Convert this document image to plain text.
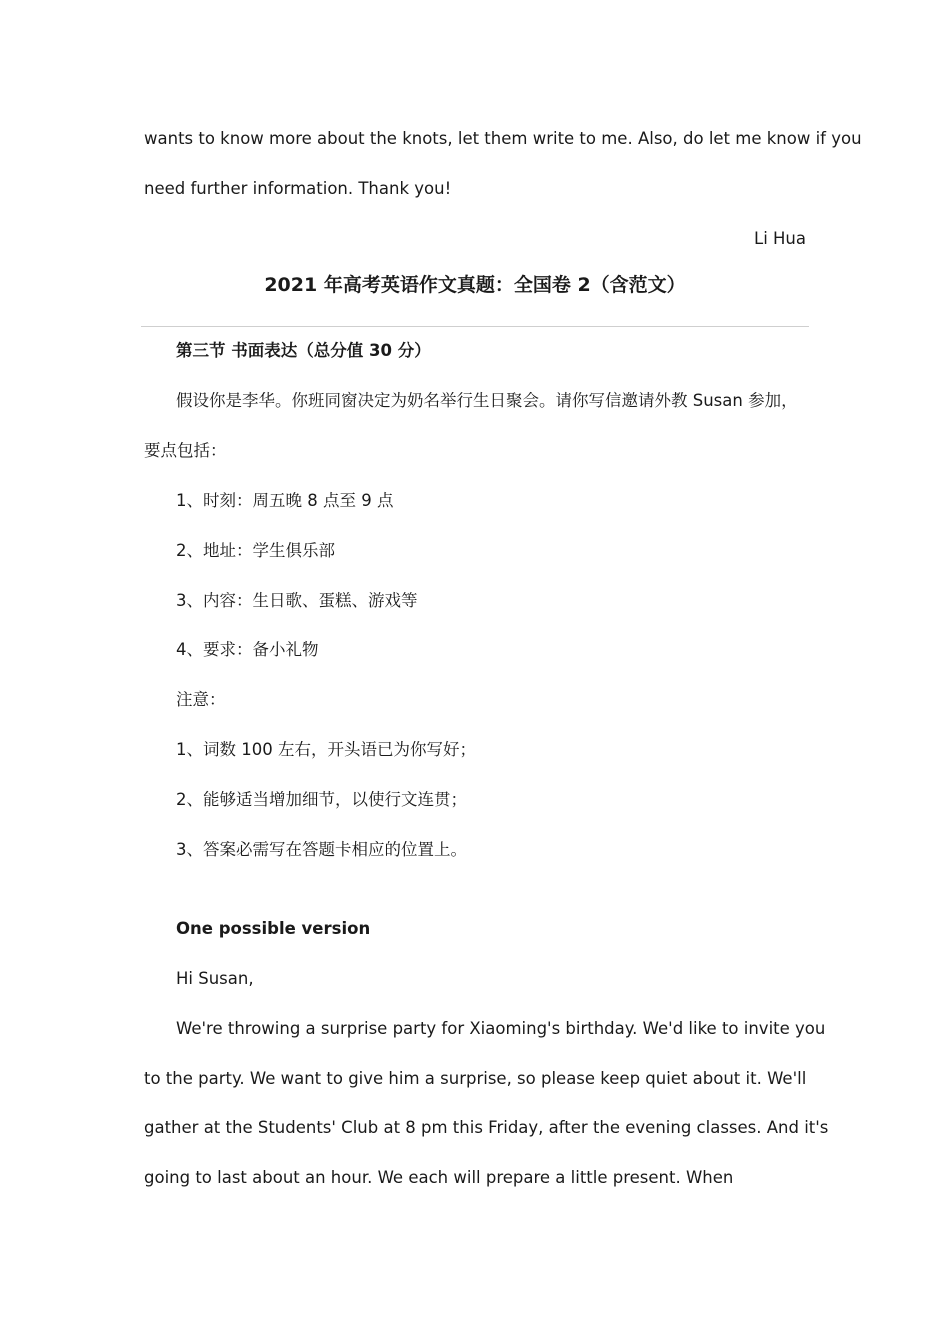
wants to know more about the knots, let them write to me. Also, do let me know if you
need further information. Thank you!
Li Hua
2021 年高考英语作文真题：全国卷 2（含范文）
第三节 书面表达（总分值 30 分）
假设你是李华。你班同窗决定为奶名举行生日聚会。请你写信邀请外教 Susan 参加，
要点包括：
1、时刻：周五晚 8 点至 9 点
2、地址：学生俱乐部
3、内容：生日歌、蛋糕、游戏等
4、要求：备小礼物
注意：
1、词数 100 左右，开头语已为你写好；
2、能够适当增加细节，以使行文连贯；
3、答案必需写在答题卡相应的位置上。
One possible version
Hi Susan,
We're throwing a surprise party for Xiaoming's birthday. We'd like to invite you
to the party. We want to give him a surprise, so please keep quiet about it. We'll
gather at the Students' Club at 8 pm this Friday, after the evening classes. And it's
going to last about an hour. We each will prepare a little present. When
